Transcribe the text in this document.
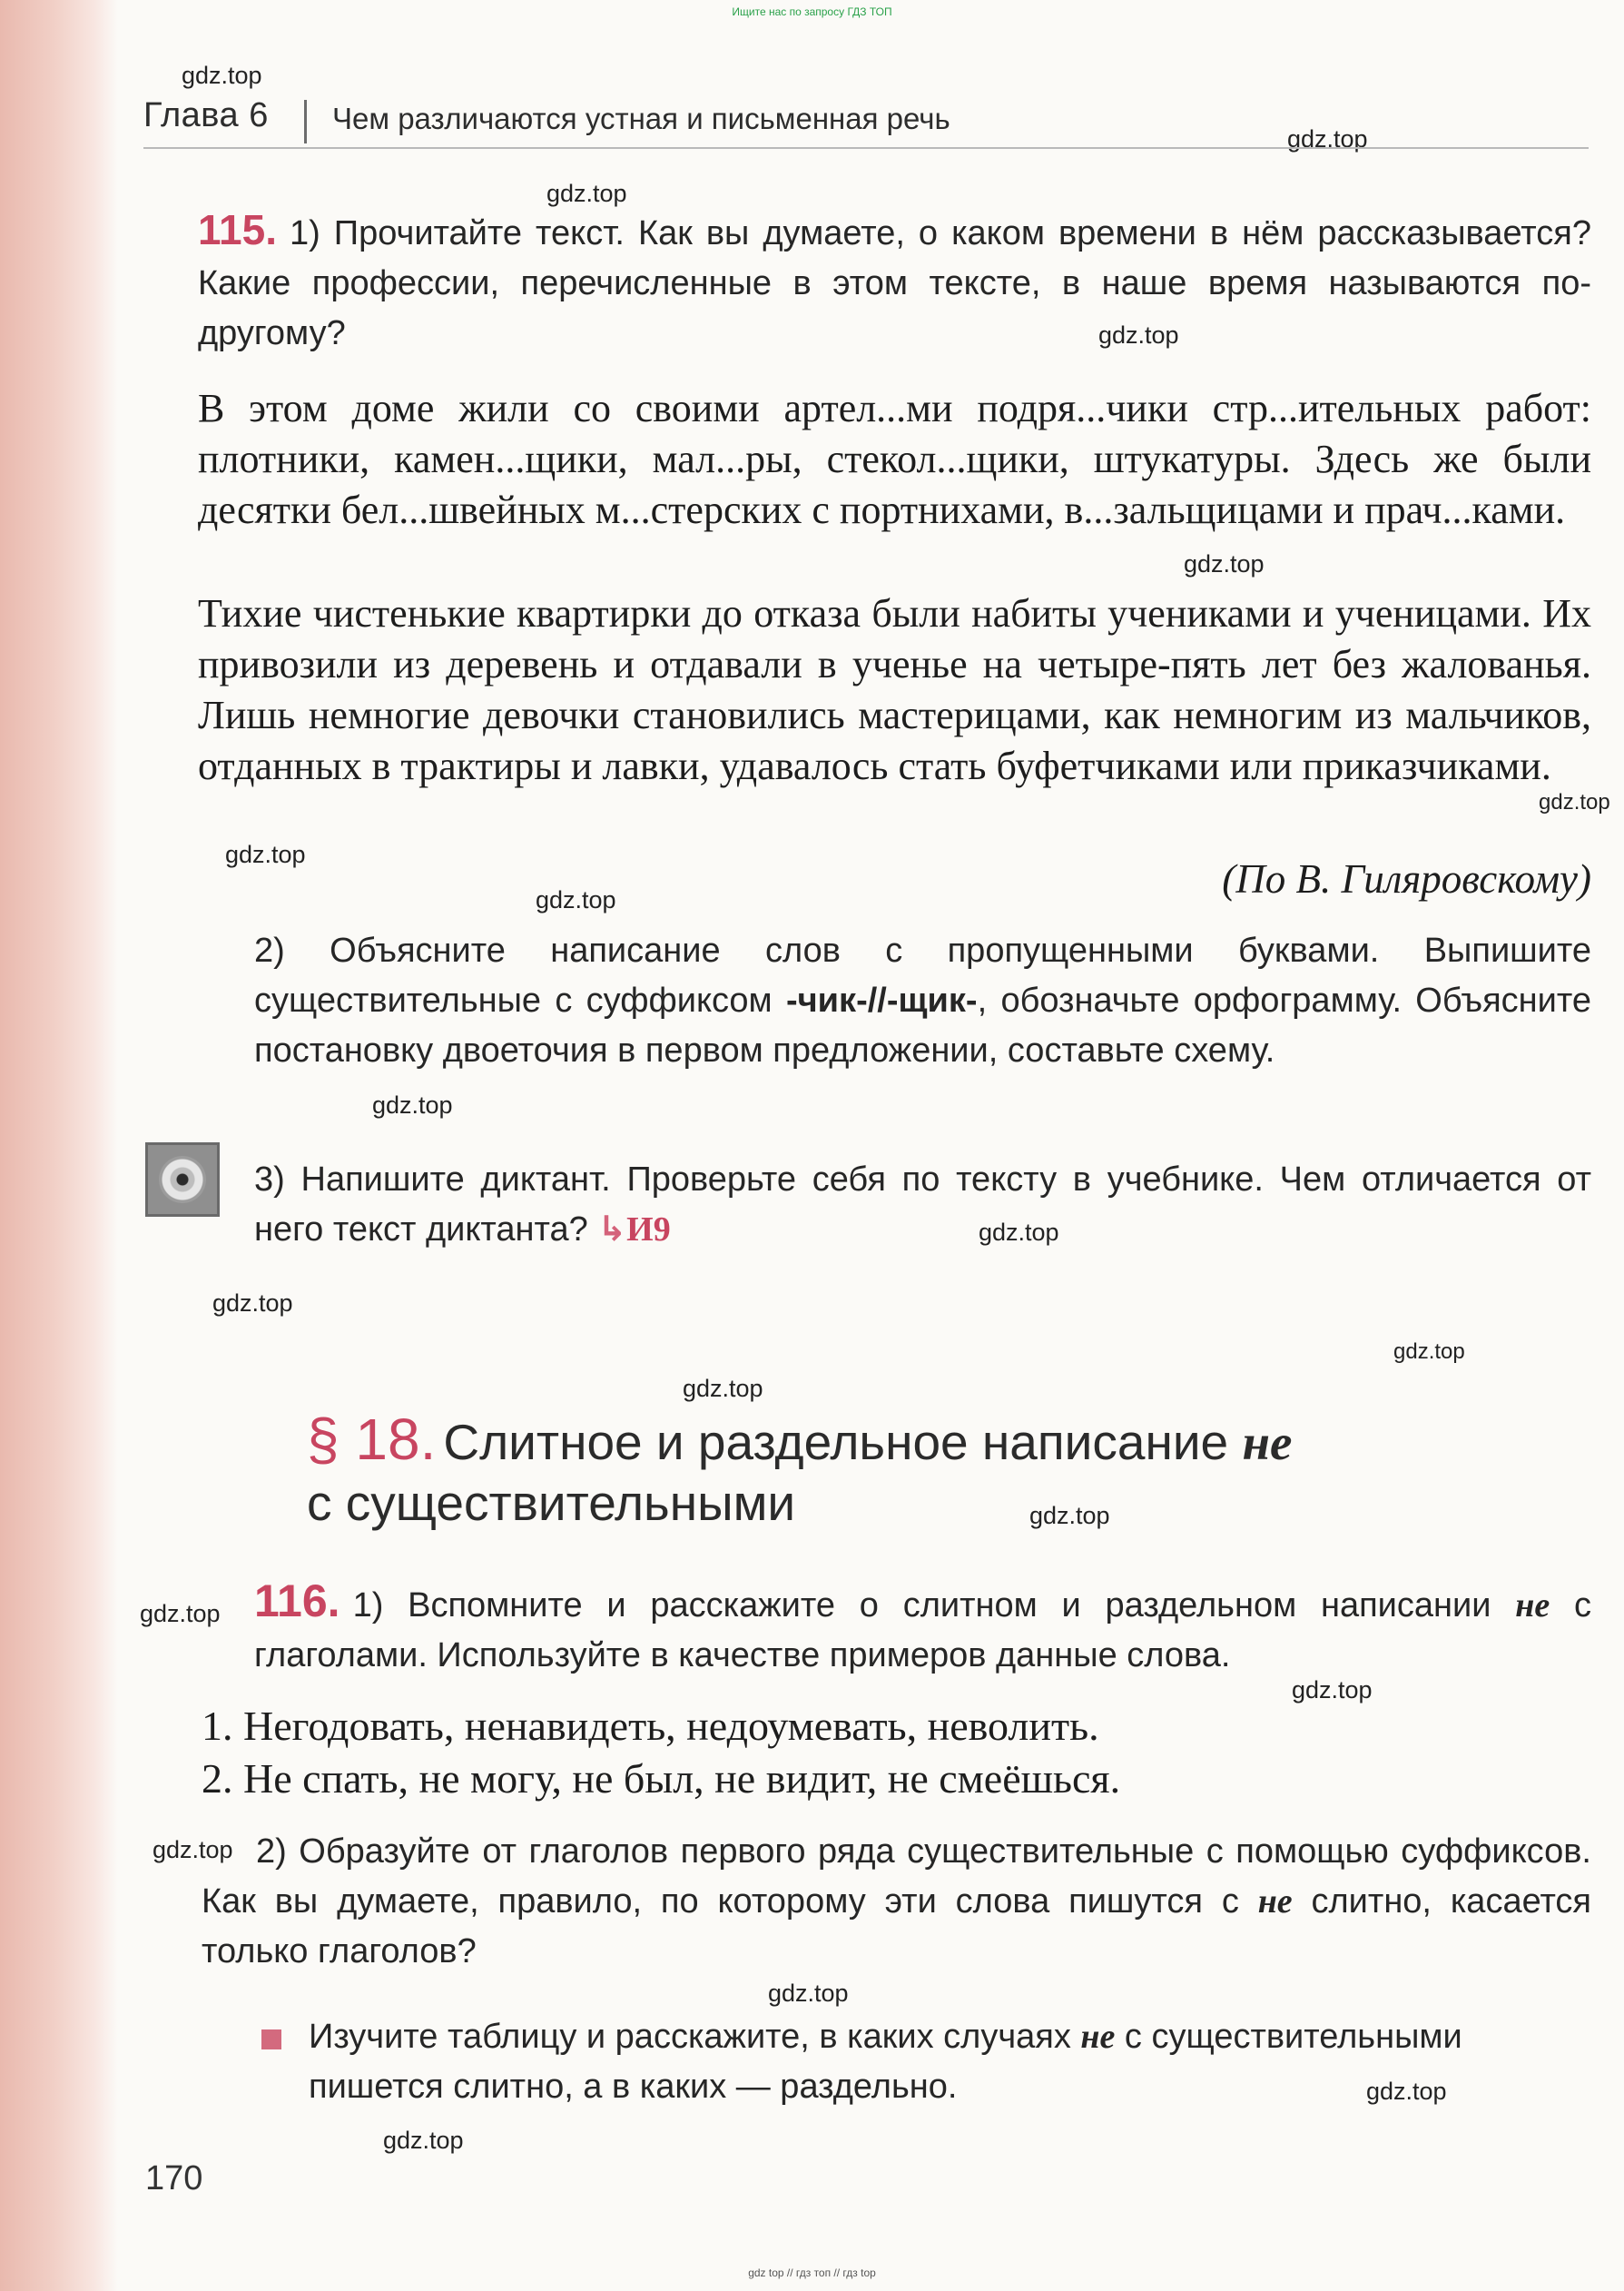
Ищите нас по запросу ГДЗ ТОП
gdz.top
gdz.top
gdz.top
gdz.top
gdz.top
gdz.top
gdz.top
gdz.top
gdz.top
gdz.top
gdz.top
gdz.top
gdz.top
gdz.top
gdz.top
gdz.top
gdz.top
gdz.top
gdz.top
gdz.top
Глава 6 Чем различаются устная и письменная речь
115. 1) Прочитайте текст. Как вы думаете, о каком времени в нём рассказывается? Какие профессии, перечисленные в этом тексте, в наше время называются по-другому?
В этом доме жили со своими артел...ми подря...чики стр...ительных работ: плотники, камен...щики, мал...ры, стекол...щики, штукатуры. Здесь же были десятки бел...швейных м...стерских с портнихами, в...зальщицами и прач...ками.
Тихие чистенькие квартирки до отказа были набиты учениками и ученицами. Их привозили из деревень и отдавали в ученье на четыре-пять лет без жалованья. Лишь немногие девочки становились мастерицами, как немногим из мальчиков, отданных в трактиры и лавки, удавалось стать буфетчиками или приказчиками.
(По В. Гиляровскому)
2) Объясните написание слов с пропущенными буквами. Выпишите существительные с суффиксом -чик-//-щик-, обозначьте орфограмму. Объясните постановку двоеточия в первом предложении, составьте схему.
3) Напишите диктант. Проверьте себя по тексту в учебнике. Чем отличается от него текст диктанта? ↳И9
§ 18. Слитное и раздельное написание не
с существительными
116. 1) Вспомните и расскажите о слитном и раздельном написании не с глаголами. Используйте в качестве примеров данные слова.
1. Негодовать, ненавидеть, недоумевать, неволить.
2. Не спать, не могу, не был, не видит, не смеёшься.
2) Образуйте от глаголов первого ряда существительные с помощью суффиксов. Как вы думаете, правило, по которому эти слова пишутся с не слитно, касается только глаголов?
Изучите таблицу и расскажите, в каких случаях не с существительными пишется слитно, а в каких — раздельно.
170
gdz top // гдз топ // гдз top
